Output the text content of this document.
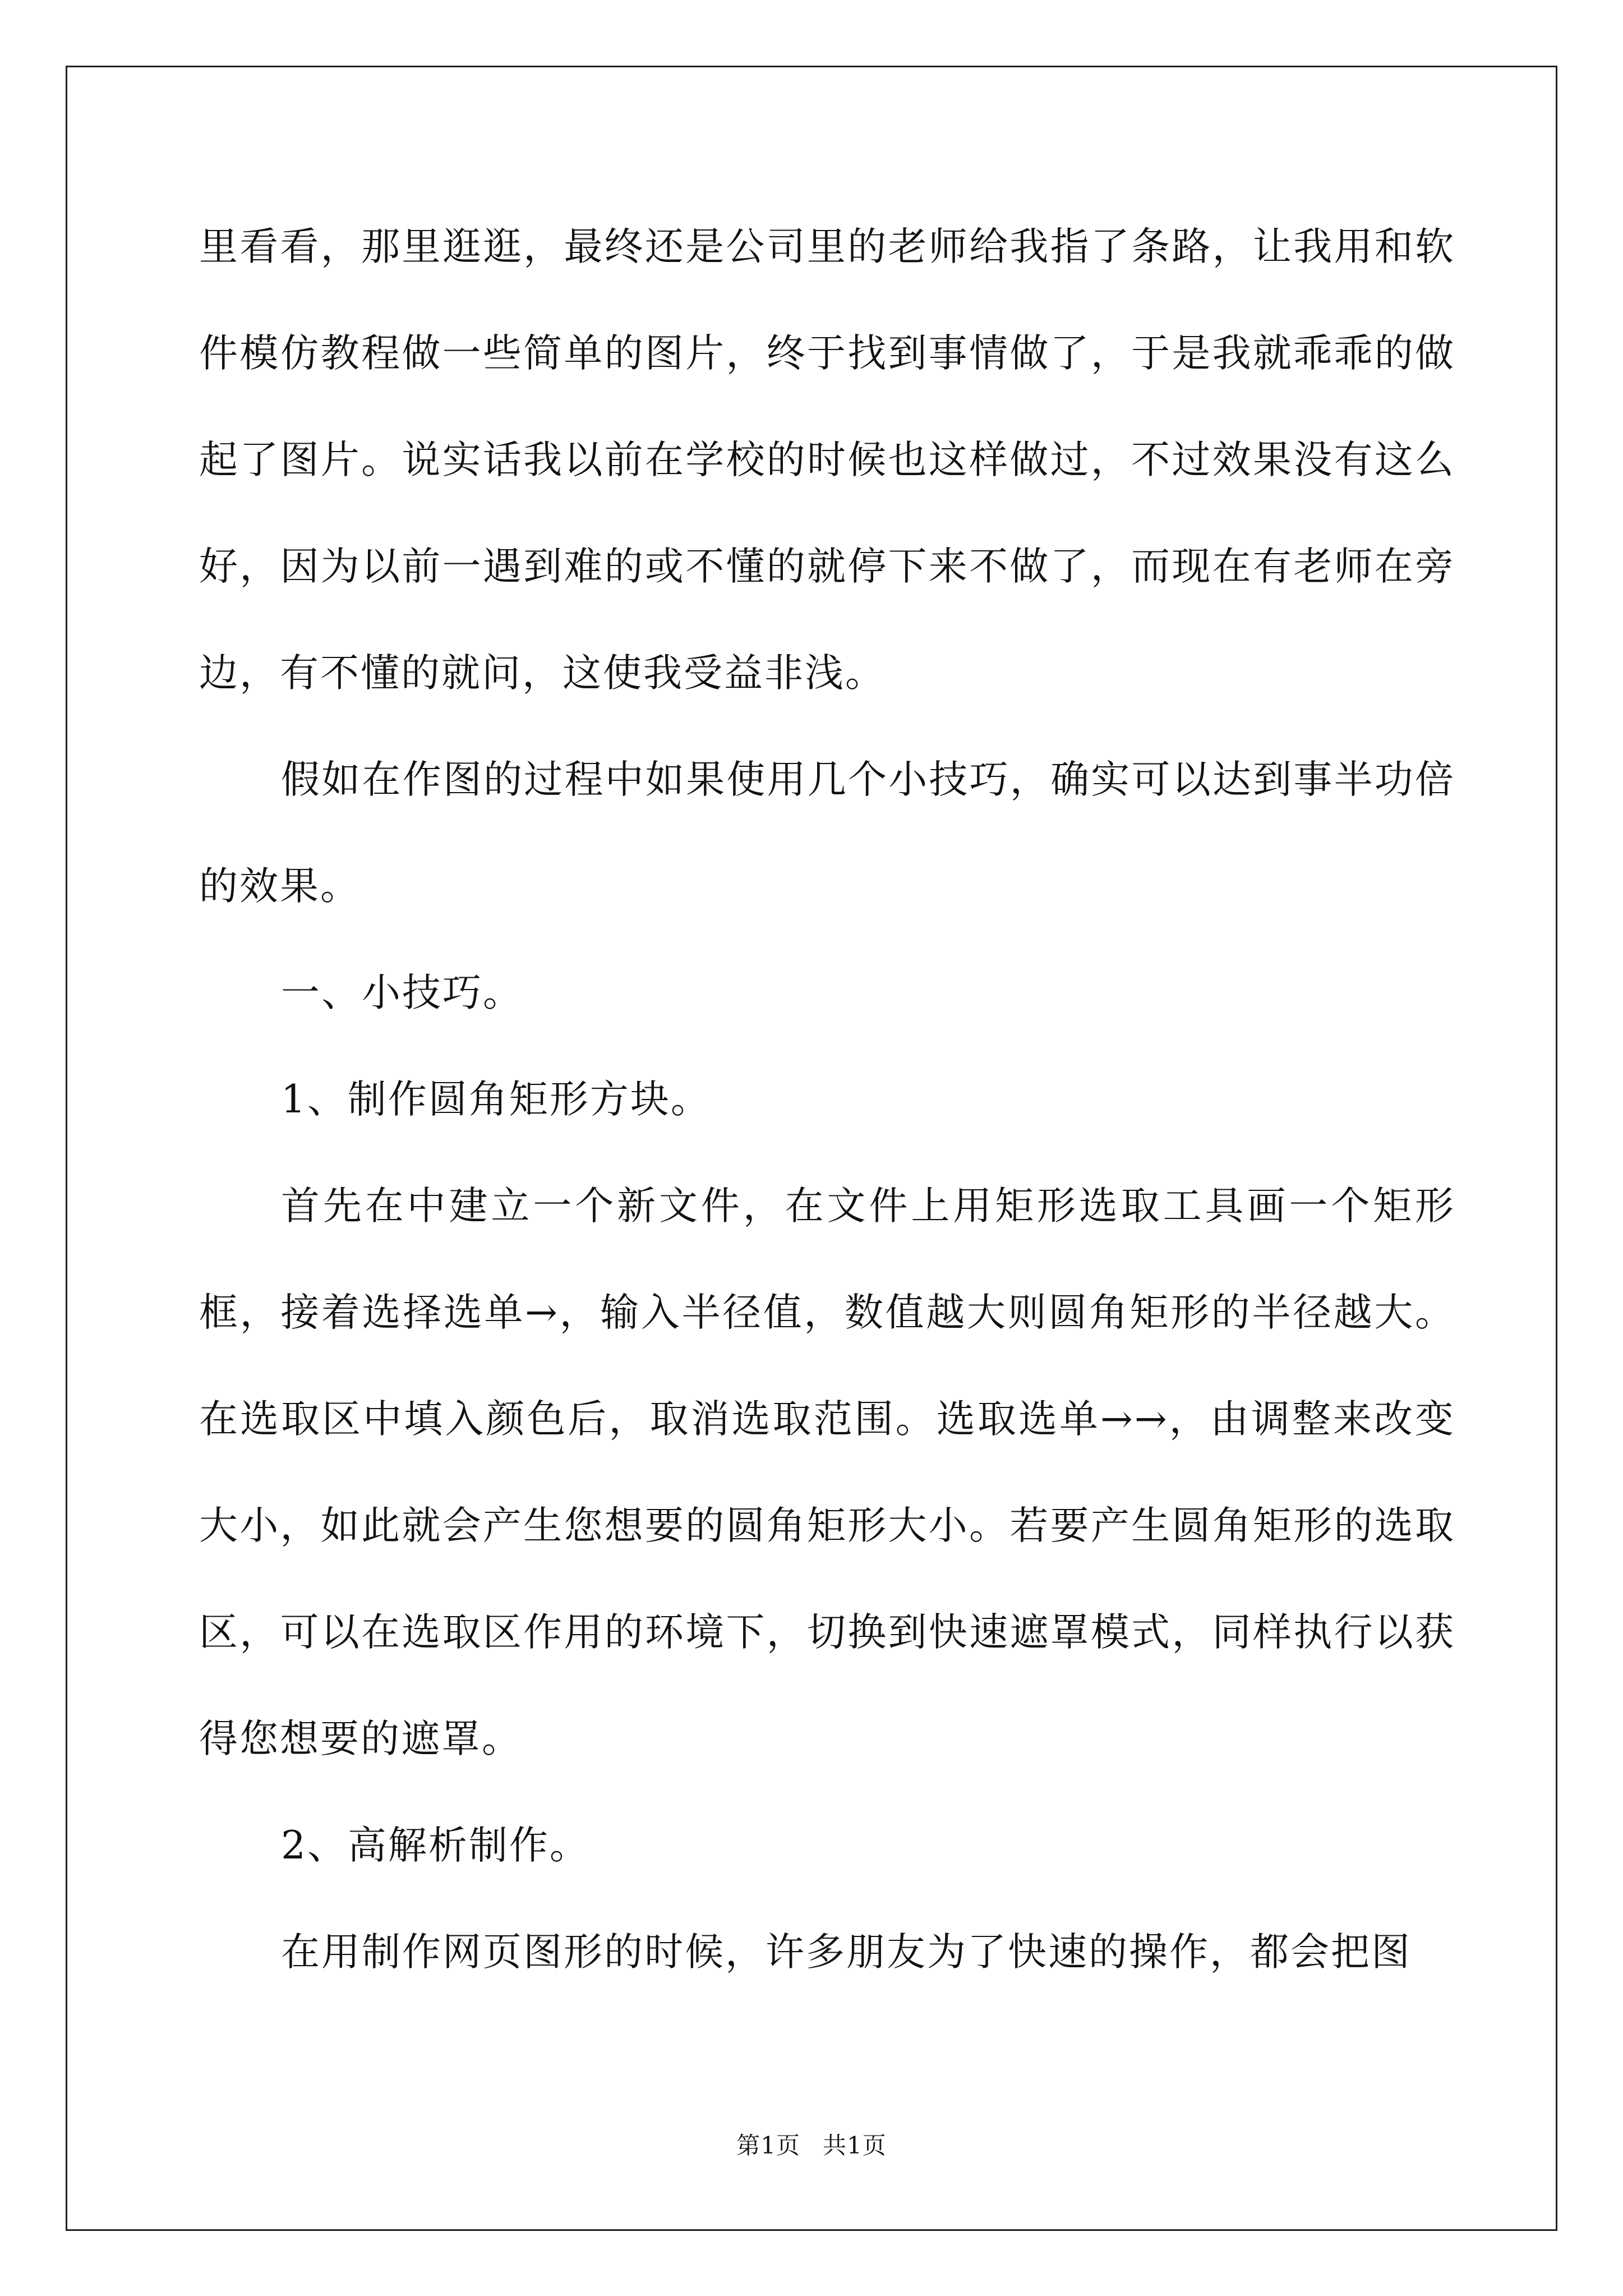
里看看，那里逛逛，最终还是公司里的老师给我指了条路，让我用和软件模仿教程做一些简单的图片，终于找到事情做了，于是我就乖乖的做起了图片。说实话我以前在学校的时候也这样做过，不过效果没有这么好，因为以前一遇到难的或不懂的就停下来不做了，而现在有老师在旁边，有不懂的就问，这使我受益非浅。

假如在作图的过程中如果使用几个小技巧，确实可以达到事半功倍的效果。

一、小技巧。

1、制作圆角矩形方块。

首先在中建立一个新文件，在文件上用矩形选取工具画一个矩形框，接着选择选单→，输入半径值，数值越大则圆角矩形的半径越大。在选取区中填入颜色后，取消选取范围。选取选单→→，由调整来改变大小，如此就会产生您想要的圆角矩形大小。若要产生圆角矩形的选取区，可以在选取区作用的环境下，切换到快速遮罩模式，同样执行以获得您想要的遮罩。

2、高解析制作。

在用制作网页图形的时候，许多朋友为了快速的操作，都会把图

第1页 共1页
